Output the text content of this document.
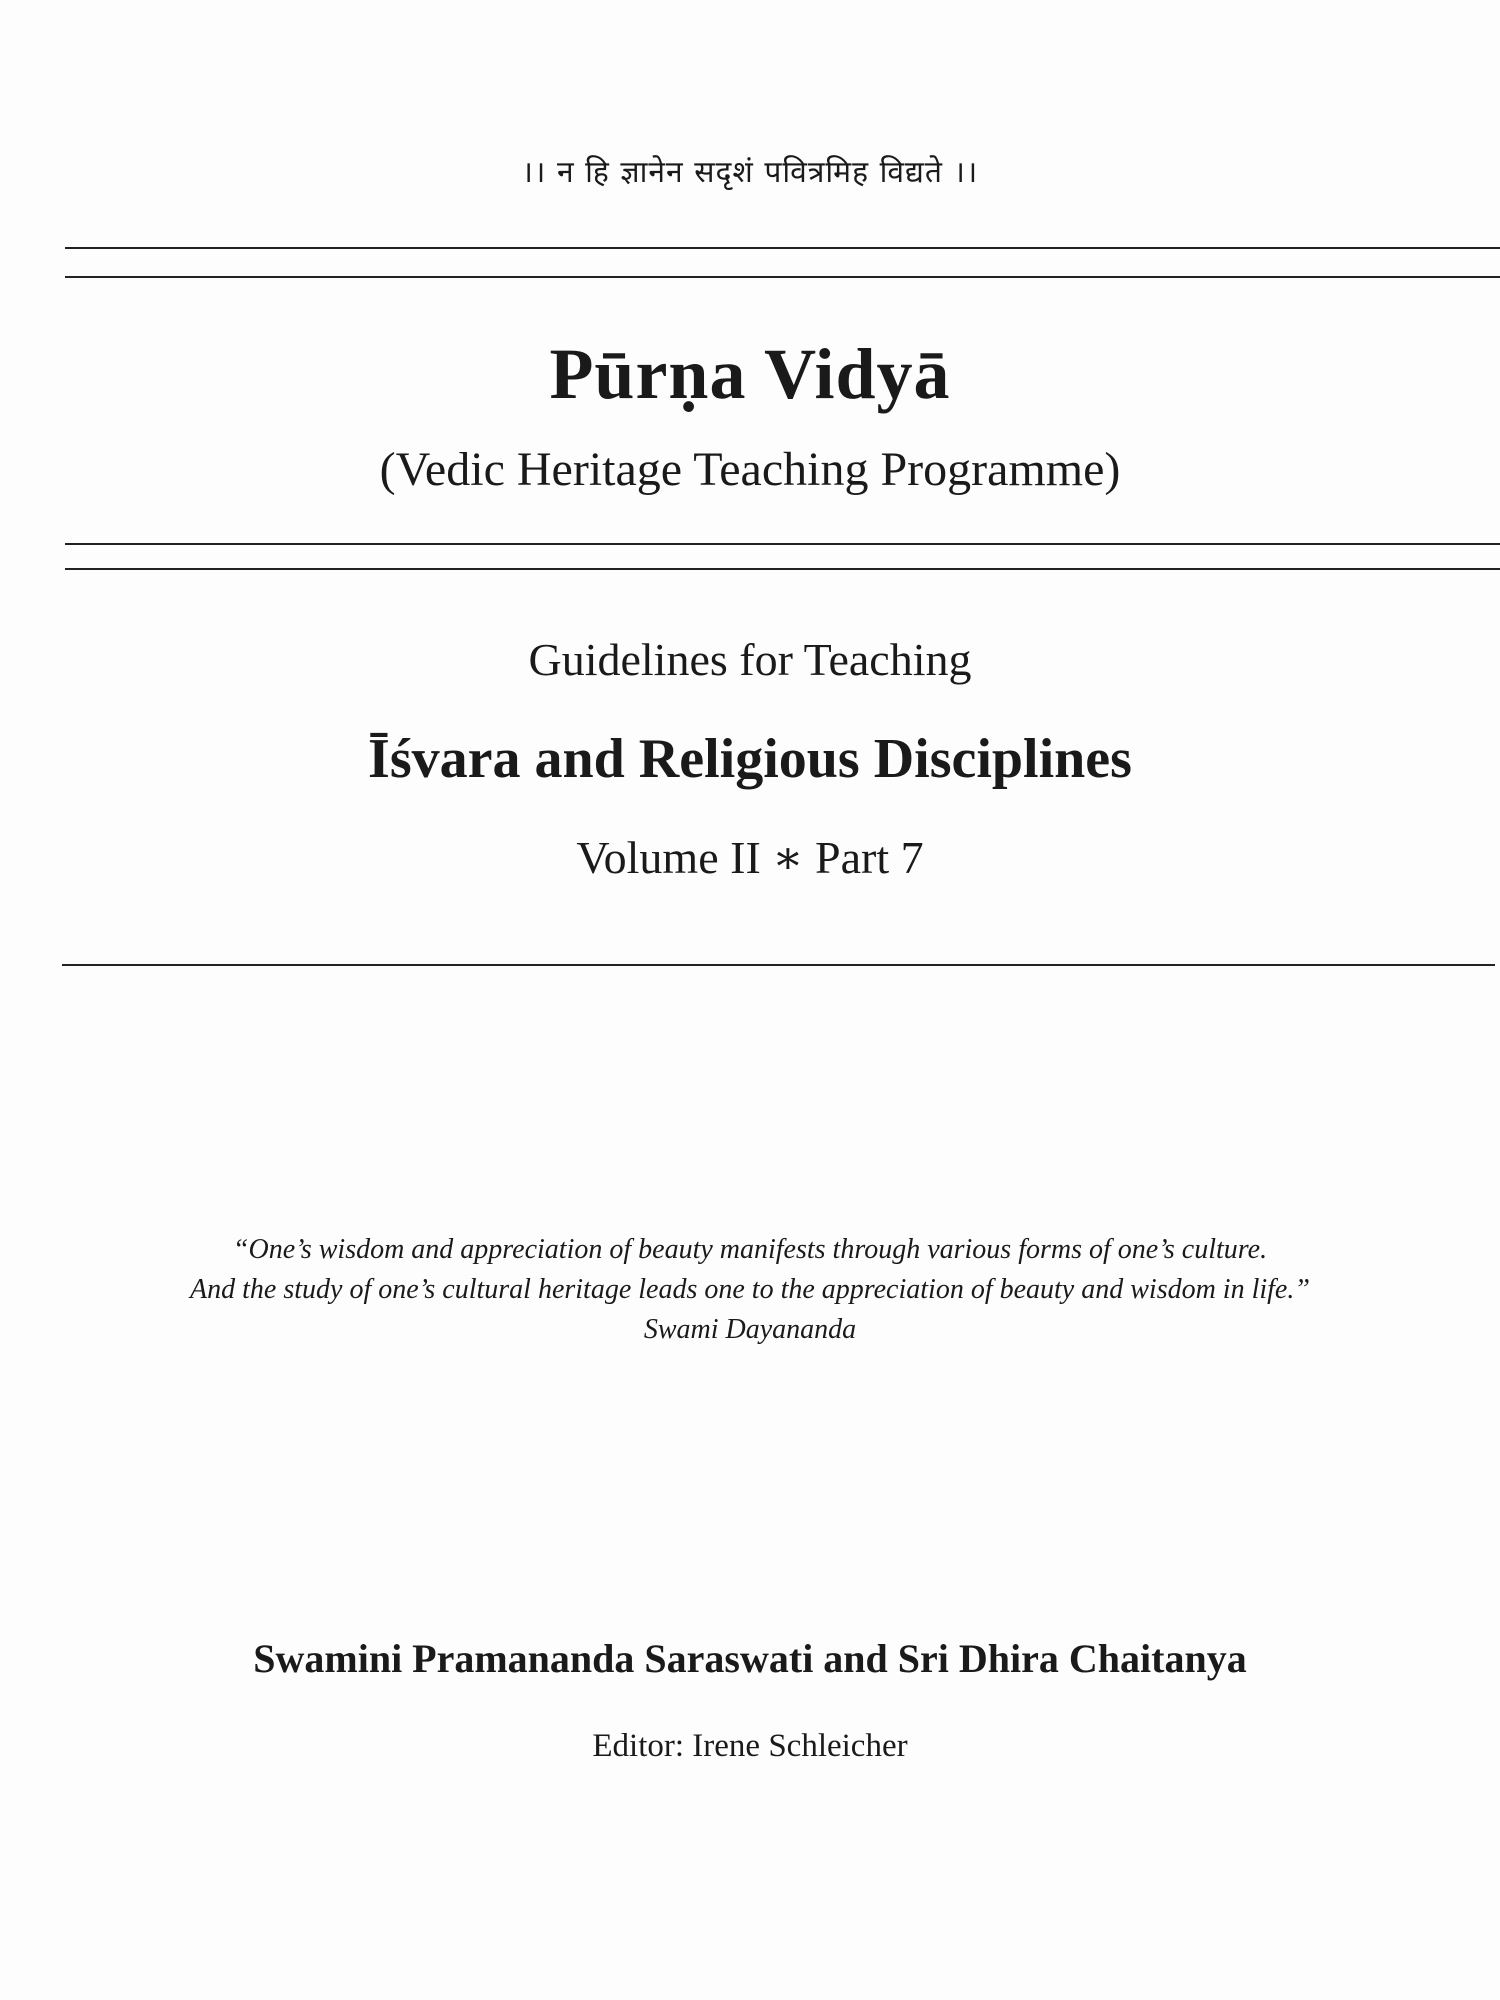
।। न हि ज्ञानेन सदृशं पवित्रमिह विद्यते ।।
Pūrṇa Vidyā
(Vedic Heritage Teaching Programme)
Guidelines for Teaching
Īśvara and Religious Disciplines
Volume II ∗ Part 7
“One’s wisdom and appreciation of beauty manifests through various forms of one’s culture.
And the study of one’s cultural heritage leads one to the appreciation of beauty and wisdom in life.”
Swami Dayananda
Swamini Pramananda Saraswati and Sri Dhira Chaitanya
Editor: Irene Schleicher
